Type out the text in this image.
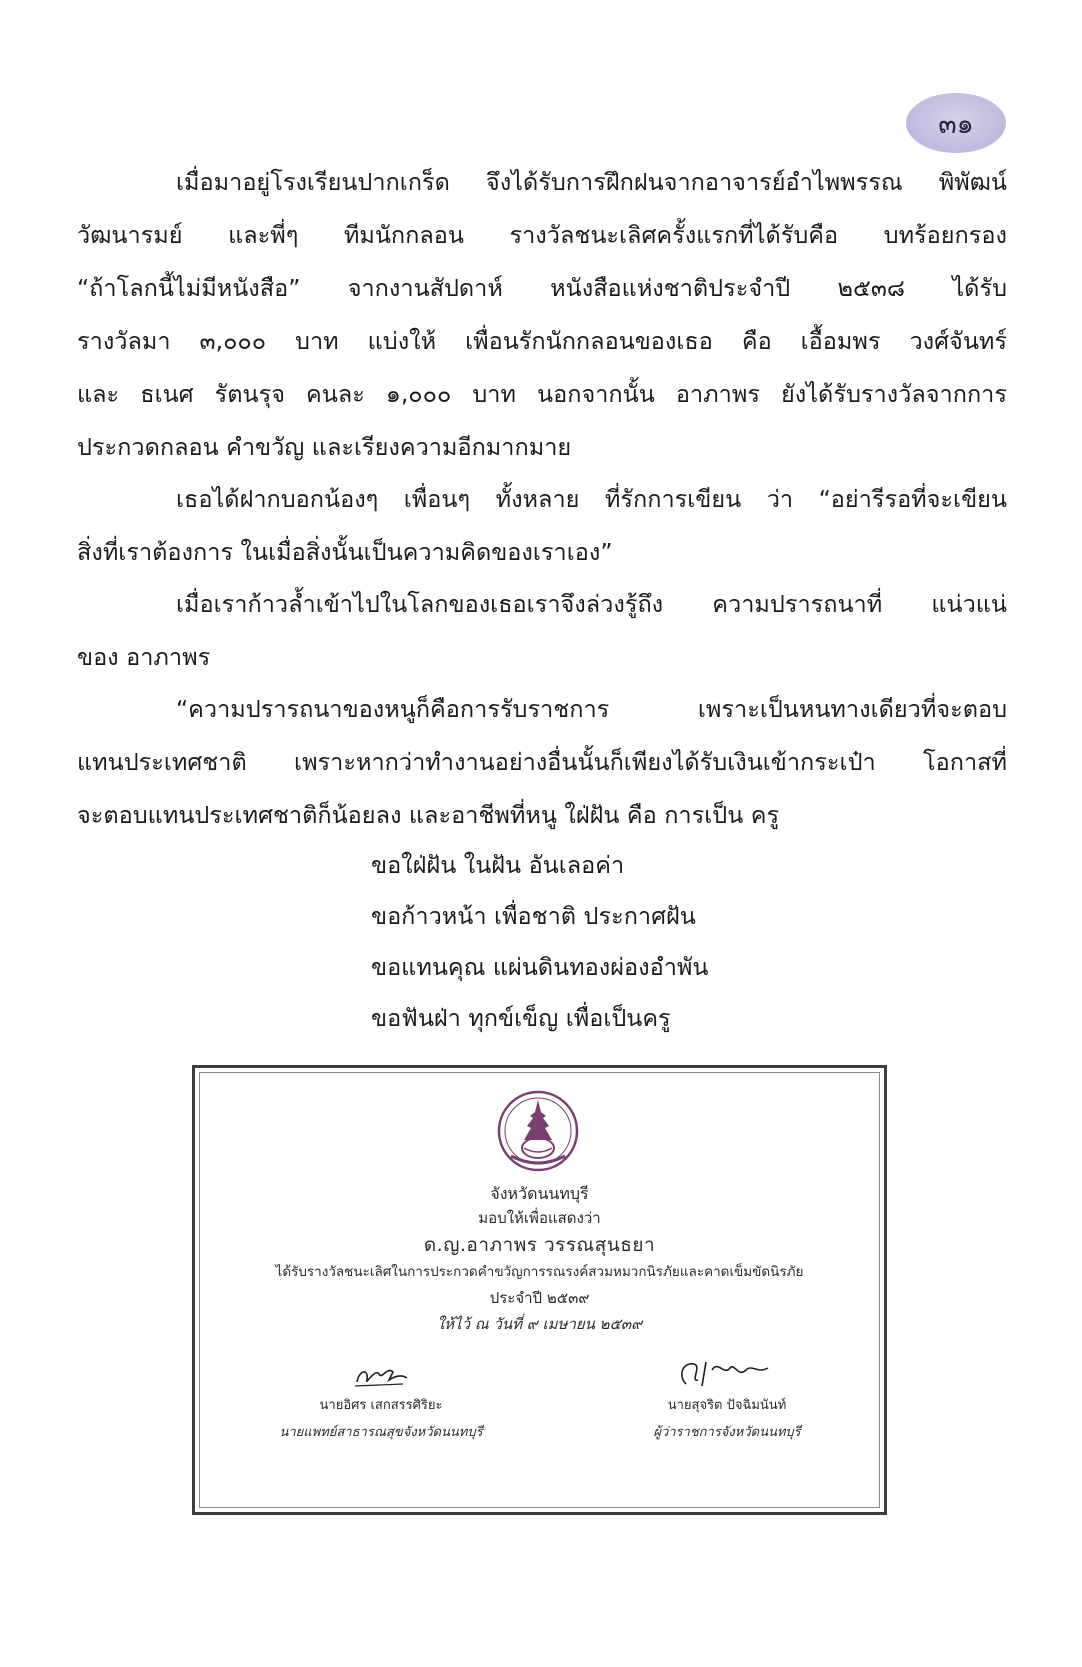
๓๑
เมื่อมาอยู่โรงเรียนปากเกร็ด จึงได้รับการฝึกฝนจากอาจารย์อำไพพรรณ พิพัฒน์
วัฒนารมย์ และพี่ๆ ทีมนักกลอน รางวัลชนะเลิศครั้งแรกที่ได้รับคือ บทร้อยกรอง
“ถ้าโลกนี้ไม่มีหนังสือ” จากงานสัปดาห์ หนังสือแห่งชาติประจำปี ๒๕๓๘ ได้รับ
รางวัลมา ๓,๐๐๐ บาท แบ่งให้ เพื่อนรักนักกลอนของเธอ คือ เอื้อมพร วงศ์จันทร์
และ ธเนศ รัตนรุจ คนละ ๑,๐๐๐ บาท นอกจากนั้น อาภาพร ยังได้รับรางวัลจากการ
ประกวดกลอน คำขวัญ และเรียงความอีกมากมาย
เธอได้ฝากบอกน้องๆ เพื่อนๆ ทั้งหลาย ที่รักการเขียน ว่า “อย่ารีรอที่จะเขียน
สิ่งที่เราต้องการ ในเมื่อสิ่งนั้นเป็นความคิดของเราเอง”
เมื่อเราก้าวล้ำเข้าไปในโลกของเธอเราจึงล่วงรู้ถึง ความปรารถนาที่ แน่วแน่
ของ อาภาพร
“ความปรารถนาของหนูก็คือการรับราชการ เพราะเป็นหนทางเดียวที่จะตอบ
แทนประเทศชาติ เพราะหากว่าทำงานอย่างอื่นนั้นก็เพียงได้รับเงินเข้ากระเป๋า โอกาสที่
จะตอบแทนประเทศชาติก็น้อยลง และอาชีพที่หนู ใฝ่ฝัน คือ การเป็น ครู
ขอใฝ่ฝัน ในฝัน อันเลอค่า
ขอก้าวหน้า เพื่อชาติ ประกาศฝัน
ขอแทนคุณ แผ่นดินทองผ่องอำพัน
ขอฟันฝ่า ทุกข์เข็ญ เพื่อเป็นครู
จังหวัดนนทบุรี
มอบให้เพื่อแสดงว่า
ด.ญ.อาภาพร วรรณสุนธยา
ได้รับรางวัลชนะเลิศในการประกวดคำขวัญการรณรงค์สวมหมวกนิรภัยและคาดเข็มขัดนิรภัย
ประจำปี ๒๕๓๙
ให้ไว้ ณ วันที่ ๙ เมษายน ๒๕๓๙
นายอิศร เสกสรรศิริยะ
นายแพทย์สาธารณสุขจังหวัดนนทบุรี
นายสุจริต ปัจฉิมนันท์
ผู้ว่าราชการจังหวัดนนทบุรี
